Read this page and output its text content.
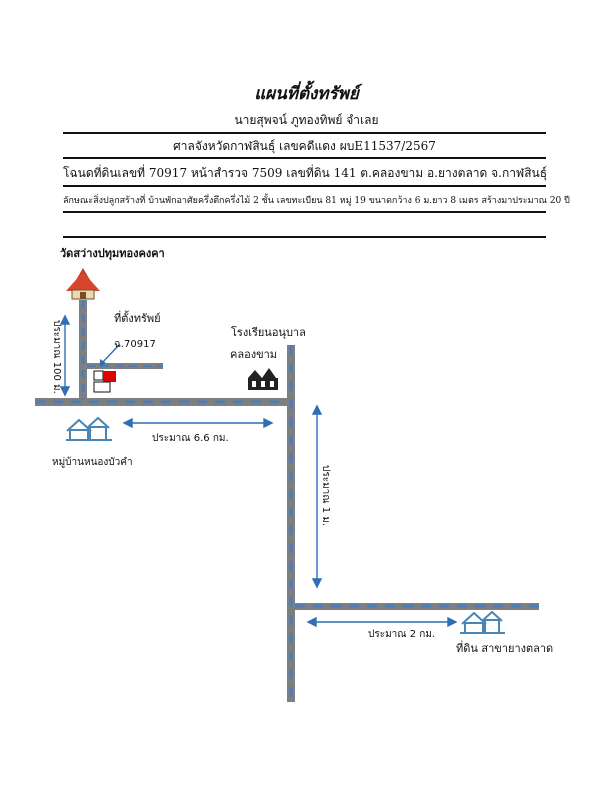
แผนที่ตั้งทรัพย์
นายสุพจน์ ภูทองทิพย์ จำเลย
ศาลจังหวัดกาฬสินธุ์ เลขคดีแดง ผบE11537/2567
โฉนดที่ดินเลขที่ 70917 หน้าสำรวจ 7509 เลขที่ดิน 141 ต.คลองขาม อ.ยางตลาด จ.กาฬสินธุ์
ลักษณะสิ่งปลูกสร้างที่ บ้านพักอาศัยครึ่งตึกครึ่งไม้ 2 ชั้น เลขทะเบียน 81 หมู่ 19 ขนาดกว้าง 6 ม.ยาว 8 เมตร สร้างมาประมาณ 20 ปี
วัดสว่างปทุมทองคงคา
ประมาณ 100 ม.
ที่ตั้งทรัพย์
ฉ.70917
โรงเรียนอนุบาล
คลองขาม
หมู่บ้านหนองบัวคำ
ประมาณ 6.6 กม.
ประมาณ 1 ม.
ประมาณ 2 กม.
ที่ดิน สาขายางตลาด
